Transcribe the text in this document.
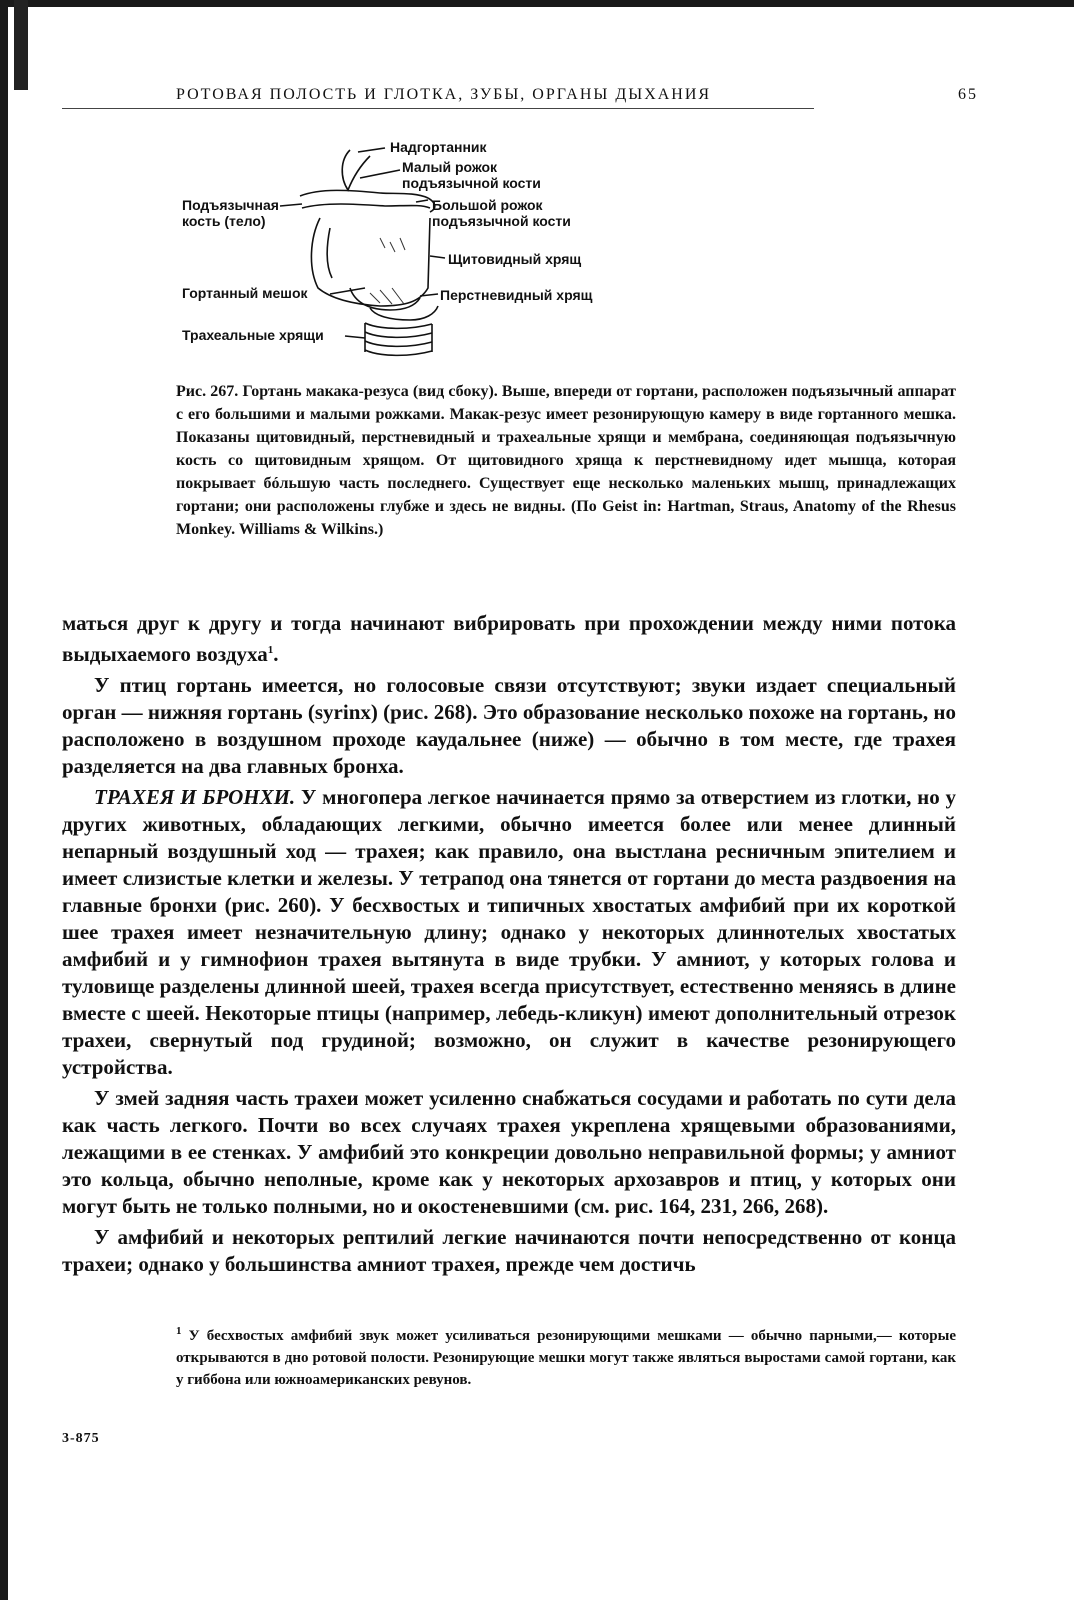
РОТОВАЯ ПОЛОСТЬ И ГЛОТКА, ЗУБЫ, ОРГАНЫ ДЫХАНИЯ	65
Надгортанник
Малый рожок
подъязычной кости
Подъязычная
кость (тело)
Большой рожок
подъязычной кости
Щитовидный хрящ
Гортанный мешок	Перстневидный хрящ
Трахеальные хрящи
Рис. 267. Гортань макака-резуса (вид сбоку). Выше, впереди от гортани, расположен подъязычный аппарат с его большими и малыми рожками. Макак-резус имеет резонирующую камеру в виде гортанного мешка. Показаны щитовидный, перстневидный и трахеальные хрящи и мембрана, соединяющая подъязычную кость со щитовидным хрящом. От щитовидного хряща к перстневидному идет мышца, которая покрывает бóльшую часть последнего. Существует еще несколько маленьких мышц, принадлежащих гортани; они расположены глубже и здесь не видны. (По Geist in: Hartman, Straus, Anatomy of the Rhesus Monkey. Williams & Wilkins.)

маться друг к другу и тогда начинают вибрировать при прохождении между ними потока выдыхаемого воздуха$^1$.

У птиц гортань имеется, но голосовые связи отсутствуют; звуки издает специальный орган — нижняя гортань (syrinx) (рис. 268). Это образование несколько похоже на гортань, но расположено в воздушном проходе каудальнее (ниже) — обычно в том месте, где трахея разделяется на два главных бронха.

ТРАХЕЯ И БРОНХИ. У многопера легкое начинается прямо за отверстием из глотки, но у других животных, обладающих легкими, обычно имеется более или менее длинный непарный воздушный ход — трахея; как правило, она выстлана ресничным эпителием и имеет слизистые клетки и железы. У тетрапод она тянется от гортани до места раздвоения на главные бронхи (рис. 260). У бесхвостых и типичных хвостатых амфибий при их короткой шее трахея имеет незначительную длину; однако у некоторых длиннотелых хвостатых амфибий и у гимнофион трахея вытянута в виде трубки. У амниот, у которых голова и туловище разделены длинной шеей, трахея всегда присутствует, естественно меняясь в длине вместе с шеей. Некоторые птицы (например, лебедь-кликун) имеют дополнительный отрезок трахеи, свернутый под грудиной; возможно, он служит в качестве резонирующего устройства.

У змей задняя часть трахеи может усиленно снабжаться сосудами и работать по сути дела как часть легкого. Почти во всех случаях трахея укреплена хрящевыми образованиями, лежащими в ее стенках. У амфибий это конкреции довольно неправильной формы; у амниот это кольца, обычно неполные, кроме как у некоторых архозавров и птиц, у которых они могут быть не только полными, но и окостеневшими (см. рис. 164, 231, 266, 268).

У амфибий и некоторых рептилий легкие начинаются почти непосредственно от конца трахеи; однако у большинства амниот трахея, прежде чем достичь

$^1$ У бесхвостых амфибий звук может усиливаться резонирующими мешками — обычно парными,— которые открываются в дно ротовой полости. Резонирующие мешки могут также являться выростами самой гортани, как у гиббона или южноамериканских ревунов.
3-875
